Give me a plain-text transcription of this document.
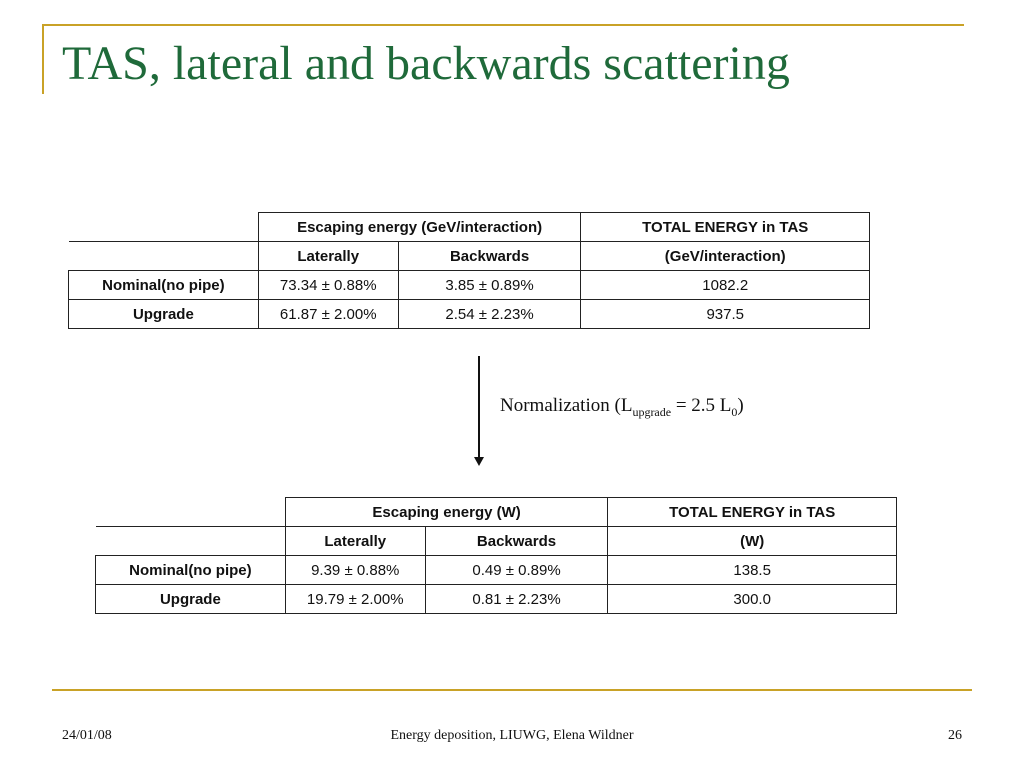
TAS, lateral and backwards scattering
	Escaping energy (GeV/interaction)		TOTAL ENERGY in TAS
	Laterally	Backwards	(GeV/interaction)
Nominal(no pipe)	73.34 ± 0.88%	3.85 ± 0.89%	1082.2
Upgrade	61.87 ± 2.00%	2.54 ± 2.23%	937.5
Normalization ($L_{upgrade} = 2.5$ $L_0$)
	Escaping energy (W)		TOTAL ENERGY in TAS
	Laterally	Backwards	(W)
Nominal(no pipe)	9.39 ± 0.88%	0.49 ± 0.89%	138.5
Upgrade	19.79 ± 2.00%	0.81 ± 2.23%	300.0
24/01/08	Energy deposition, LIUWG, Elena Wildner	26
